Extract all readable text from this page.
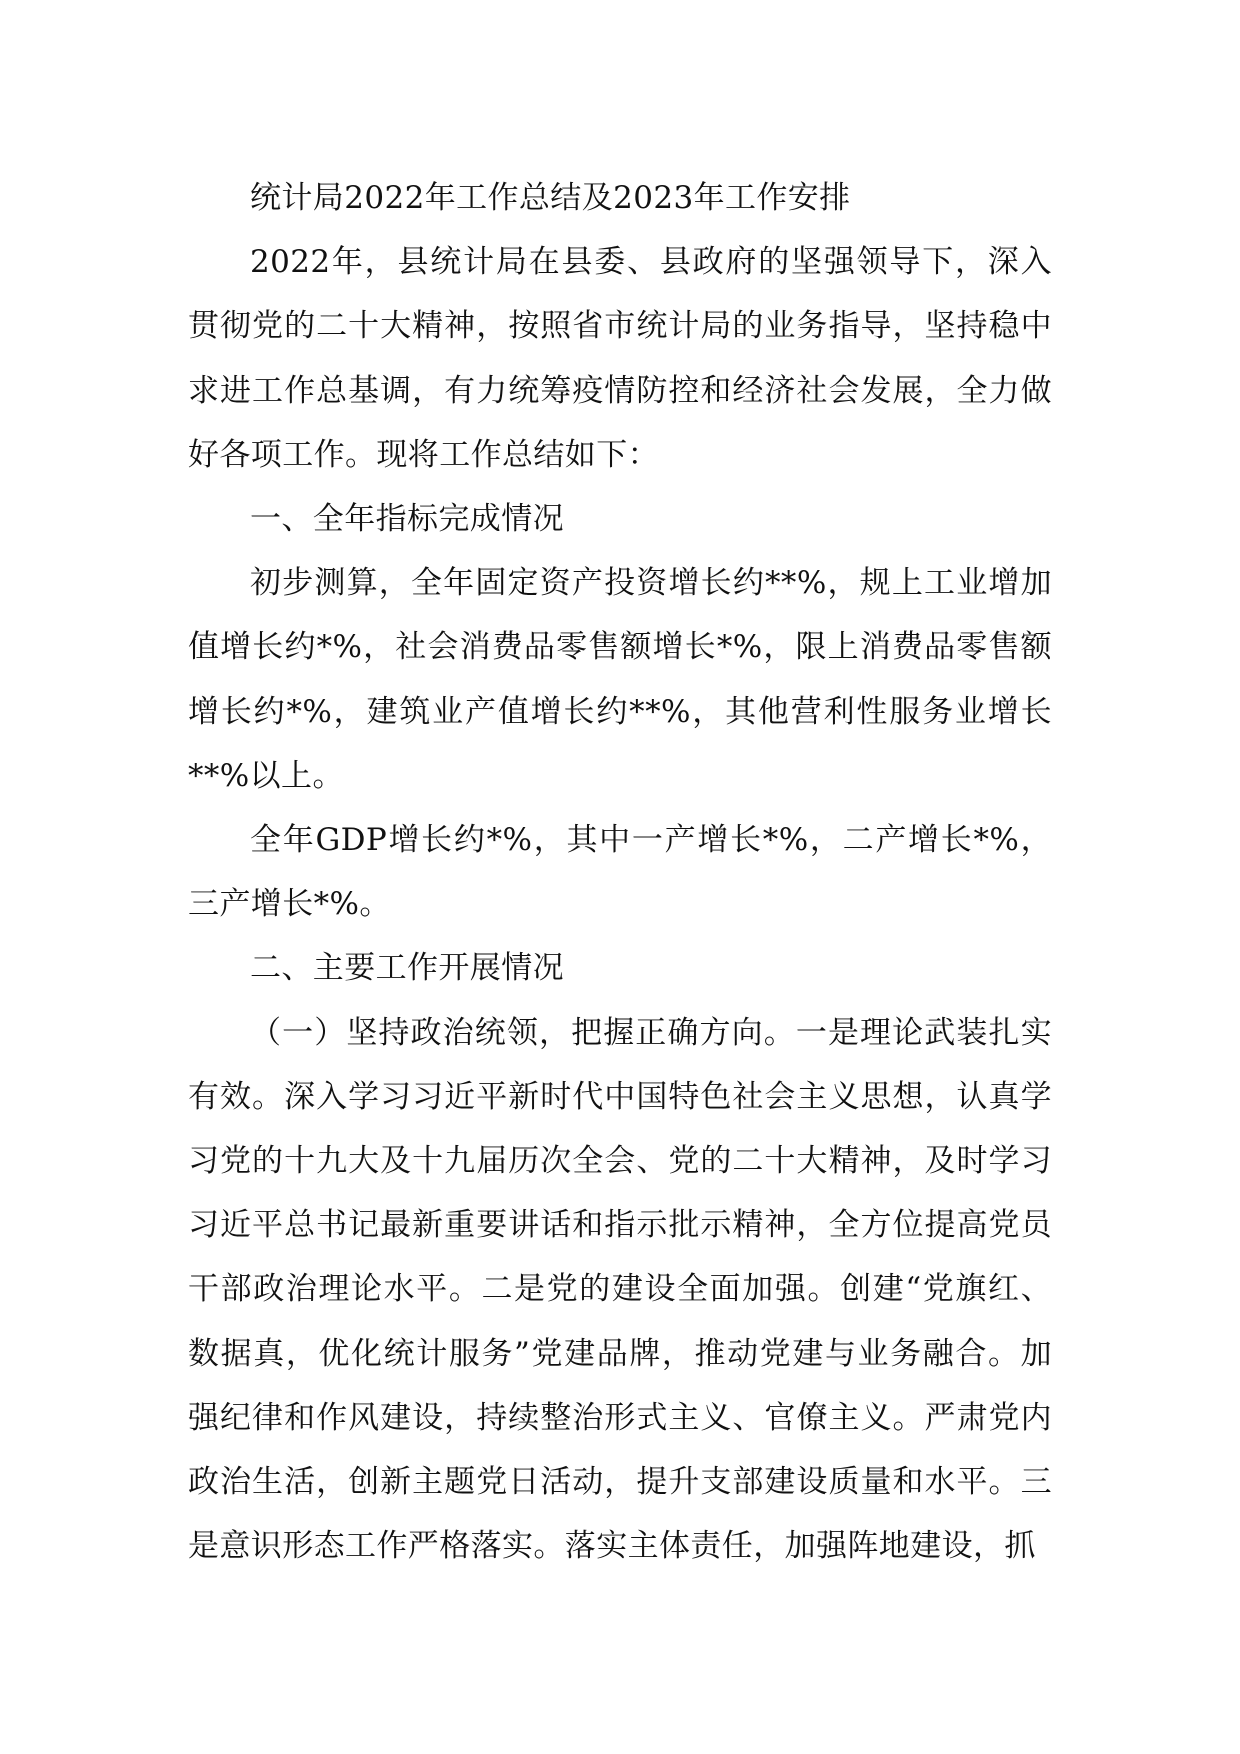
统计局2022年工作总结及2023年工作安排

2022年，县统计局在县委、县政府的坚强领导下，深入贯彻党的二十大精神，按照省市统计局的业务指导，坚持稳中求进工作总基调，有力统筹疫情防控和经济社会发展，全力做好各项工作。现将工作总结如下：

一、全年指标完成情况

初步测算，全年固定资产投资增长约**%，规上工业增加值增长约*%，社会消费品零售额增长*%，限上消费品零售额增长约*%，建筑业产值增长约**%，其他营利性服务业增长**%以上。

全年GDP增长约*%，其中一产增长*%，二产增长*%，三产增长*%。

二、主要工作开展情况

（一）坚持政治统领，把握正确方向。一是理论武装扎实有效。深入学习习近平新时代中国特色社会主义思想，认真学习党的十九大及十九届历次全会、党的二十大精神，及时学习习近平总书记最新重要讲话和指示批示精神，全方位提高党员干部政治理论水平。二是党的建设全面加强。创建“党旗红、数据真，优化统计服务”党建品牌，推动党建与业务融合。加强纪律和作风建设，持续整治形式主义、官僚主义。严肃党内政治生活，创新主题党日活动，提升支部建设质量和水平。三是意识形态工作严格落实。落实主体责任，加强阵地建设，抓
